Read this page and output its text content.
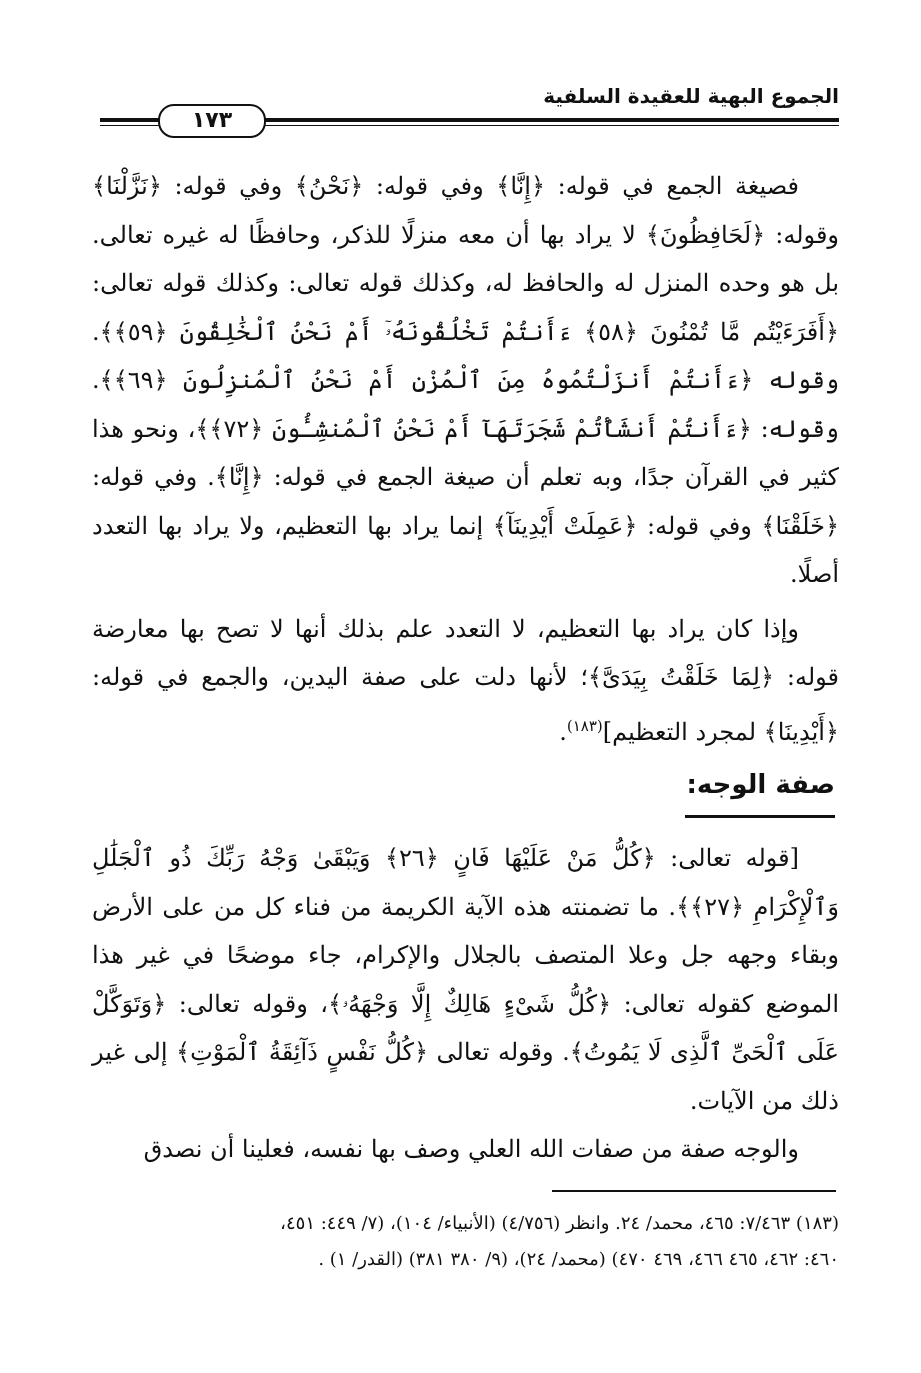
الجموع البهية للعقيدة السلفية
١٧٣

فصيغة الجمع في قوله: ﴿إِنَّا﴾ وفي قوله: ﴿نَحْنُ﴾ وفي قوله: ﴿نَزَّلْنَا﴾ وقوله: ﴿لَحَافِظُونَ﴾ لا يراد بها أن معه منزلًا للذكر، وحافظًا له غيره تعالى. بل هو وحده المنزل له والحافظ له، وكذلك قوله تعالى: وكذلك قوله تعالى: ﴿أَفَرَءَيْتُم مَّا تُمْنُونَ ﴿٥٨﴾ ءَأَنتُمْ تَخْلُقُونَهُۥٓ أَمْ نَحْنُ ٱلْخَٰلِقُونَ ﴿٥٩﴾﴾. وقوله ﴿ءَأَنتُمْ أَنزَلْتُمُوهُ مِنَ ٱلْمُزْنِ أَمْ نَحْنُ ٱلْمُنزِلُونَ ﴿٦٩﴾﴾. وقوله: ﴿ءَأَنتُمْ أَنشَأْتُمْ شَجَرَتَهَآ أَمْ نَحْنُ ٱلْمُنشِـُٔونَ ﴿٧٢﴾﴾، ونحو هذا كثير في القرآن جدًا، وبه تعلم أن صيغة الجمع في قوله: ﴿إِنَّا﴾. وفي قوله: ﴿خَلَقْنَا﴾ وفي قوله: ﴿عَمِلَتْ أَيْدِينَآ﴾ إنما يراد بها التعظيم، ولا يراد بها التعدد أصلًا.

وإذا كان يراد بها التعظيم، لا التعدد علم بذلك أنها لا تصح بها معارضة قوله: ﴿لِمَا خَلَقْتُ بِيَدَىَّ﴾؛ لأنها دلت على صفة اليدين، والجمع في قوله: ﴿أَيْدِينَا﴾ لمجرد التعظيم]$^{(١٨٣)}$.

صفة الوجه:

[قوله تعالى: ﴿كُلُّ مَنْ عَلَيْهَا فَانٍ ﴿٢٦﴾ وَيَبْقَىٰ وَجْهُ رَبِّكَ ذُو ٱلْجَلَٰلِ وَٱلْإِكْرَامِ ﴿٢٧﴾﴾. ما تضمنته هذه الآية الكريمة من فناء كل من على الأرض وبقاء وجهه جل وعلا المتصف بالجلال والإكرام، جاء موضحًا في غير هذا الموضع كقوله تعالى: ﴿كُلُّ شَىْءٍ هَالِكٌ إِلَّا وَجْهَهُۥ﴾، وقوله تعالى: ﴿وَتَوَكَّلْ عَلَى ٱلْحَىِّ ٱلَّذِى لَا يَمُوتُ﴾. وقوله تعالى ﴿كُلُّ نَفْسٍ ذَآئِقَةُ ٱلْمَوْتِ﴾ إلى غير ذلك من الآيات.

والوجه صفة من صفات الله العلي وصف بها نفسه، فعلينا أن نصدق

(١٨٣) ٧/٤٦٣: ٤٦٥، محمد/ ٢٤. وانظر (٤/٧٥٦) (الأنبياء/ ١٠٤)، (٧/ ٤٤٩: ٤٥١،

٤٦٠: ٤٦٢، ٤٦٥ ٤٦٦، ٤٦٩ ٤٧٠) (محمد/ ٢٤)، (٩/ ٣٨٠ ٣٨١) (القدر/ ١) .
